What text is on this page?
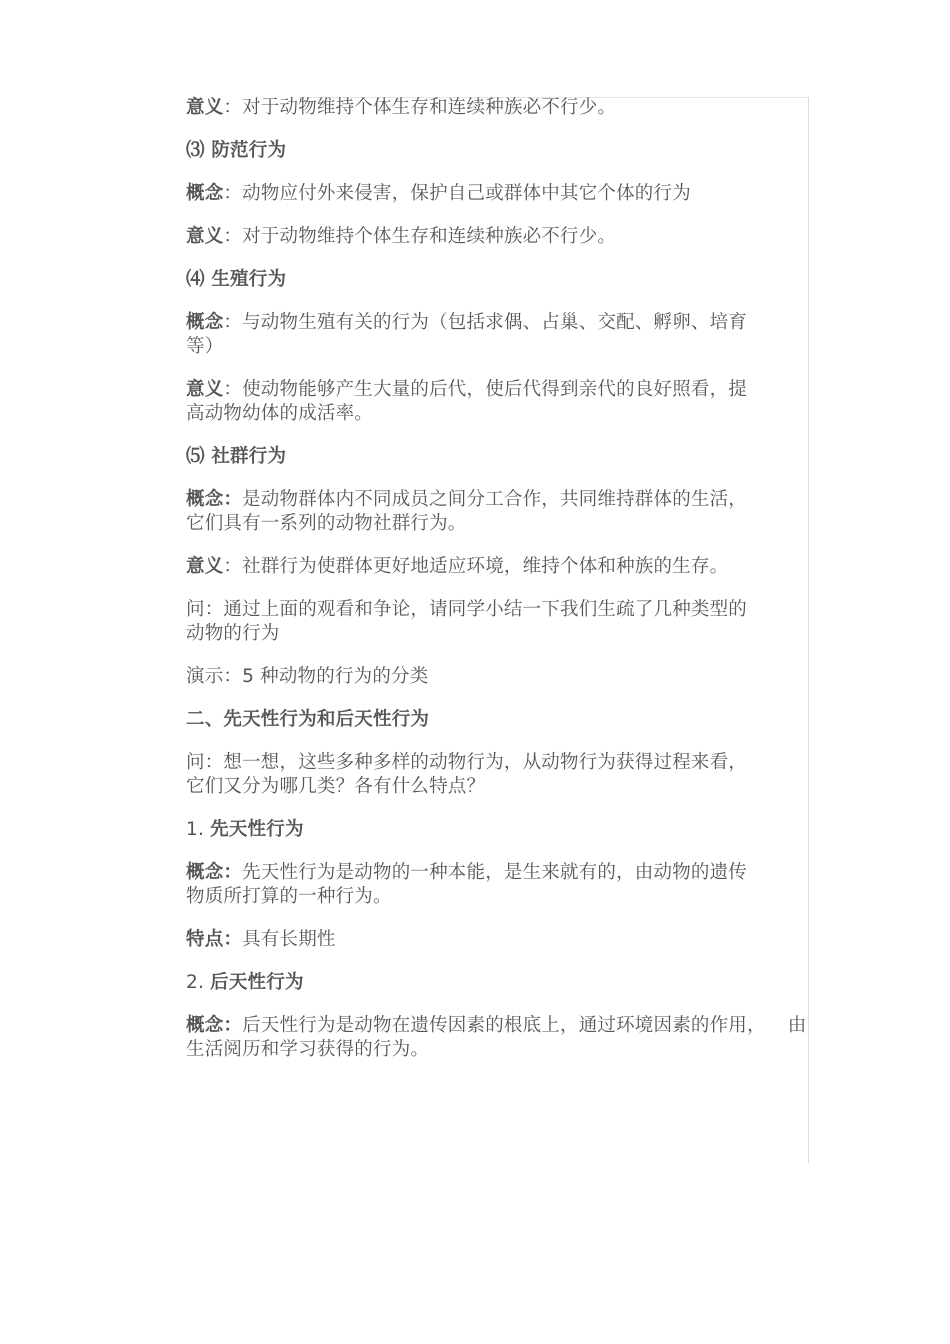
意义：对于动物维持个体生存和连续种族必不行少。

⑶ 防范行为

概念：动物应付外来侵害，保护自己或群体中其它个体的行为

意义：对于动物维持个体生存和连续种族必不行少。

⑷ 生殖行为

概念：与动物生殖有关的行为（包括求偶、占巢、交配、孵卵、培育
等）

意义：使动物能够产生大量的后代，使后代得到亲代的良好照看，提
高动物幼体的成活率。

⑸ 社群行为

概念：是动物群体内不同成员之间分工合作，共同维持群体的生活，
它们具有一系列的动物社群行为。

意义：社群行为使群体更好地适应环境，维持个体和种族的生存。

问：通过上面的观看和争论，请同学小结一下我们生疏了几种类型的
动物的行为

演示：5 种动物的行为的分类

二、先天性行为和后天性行为

问：想一想，这些多种多样的动物行为，从动物行为获得过程来看，
它们又分为哪几类？各有什么特点？

1. 先天性行为

概念：先天性行为是动物的一种本能，是生来就有的，由动物的遗传
物质所打算的一种行为。

特点：具有长期性

2. 后天性行为

概念：后天性行为是动物在遗传因素的根底上，通过环境因素的作用， 由
生活阅历和学习获得的行为。
